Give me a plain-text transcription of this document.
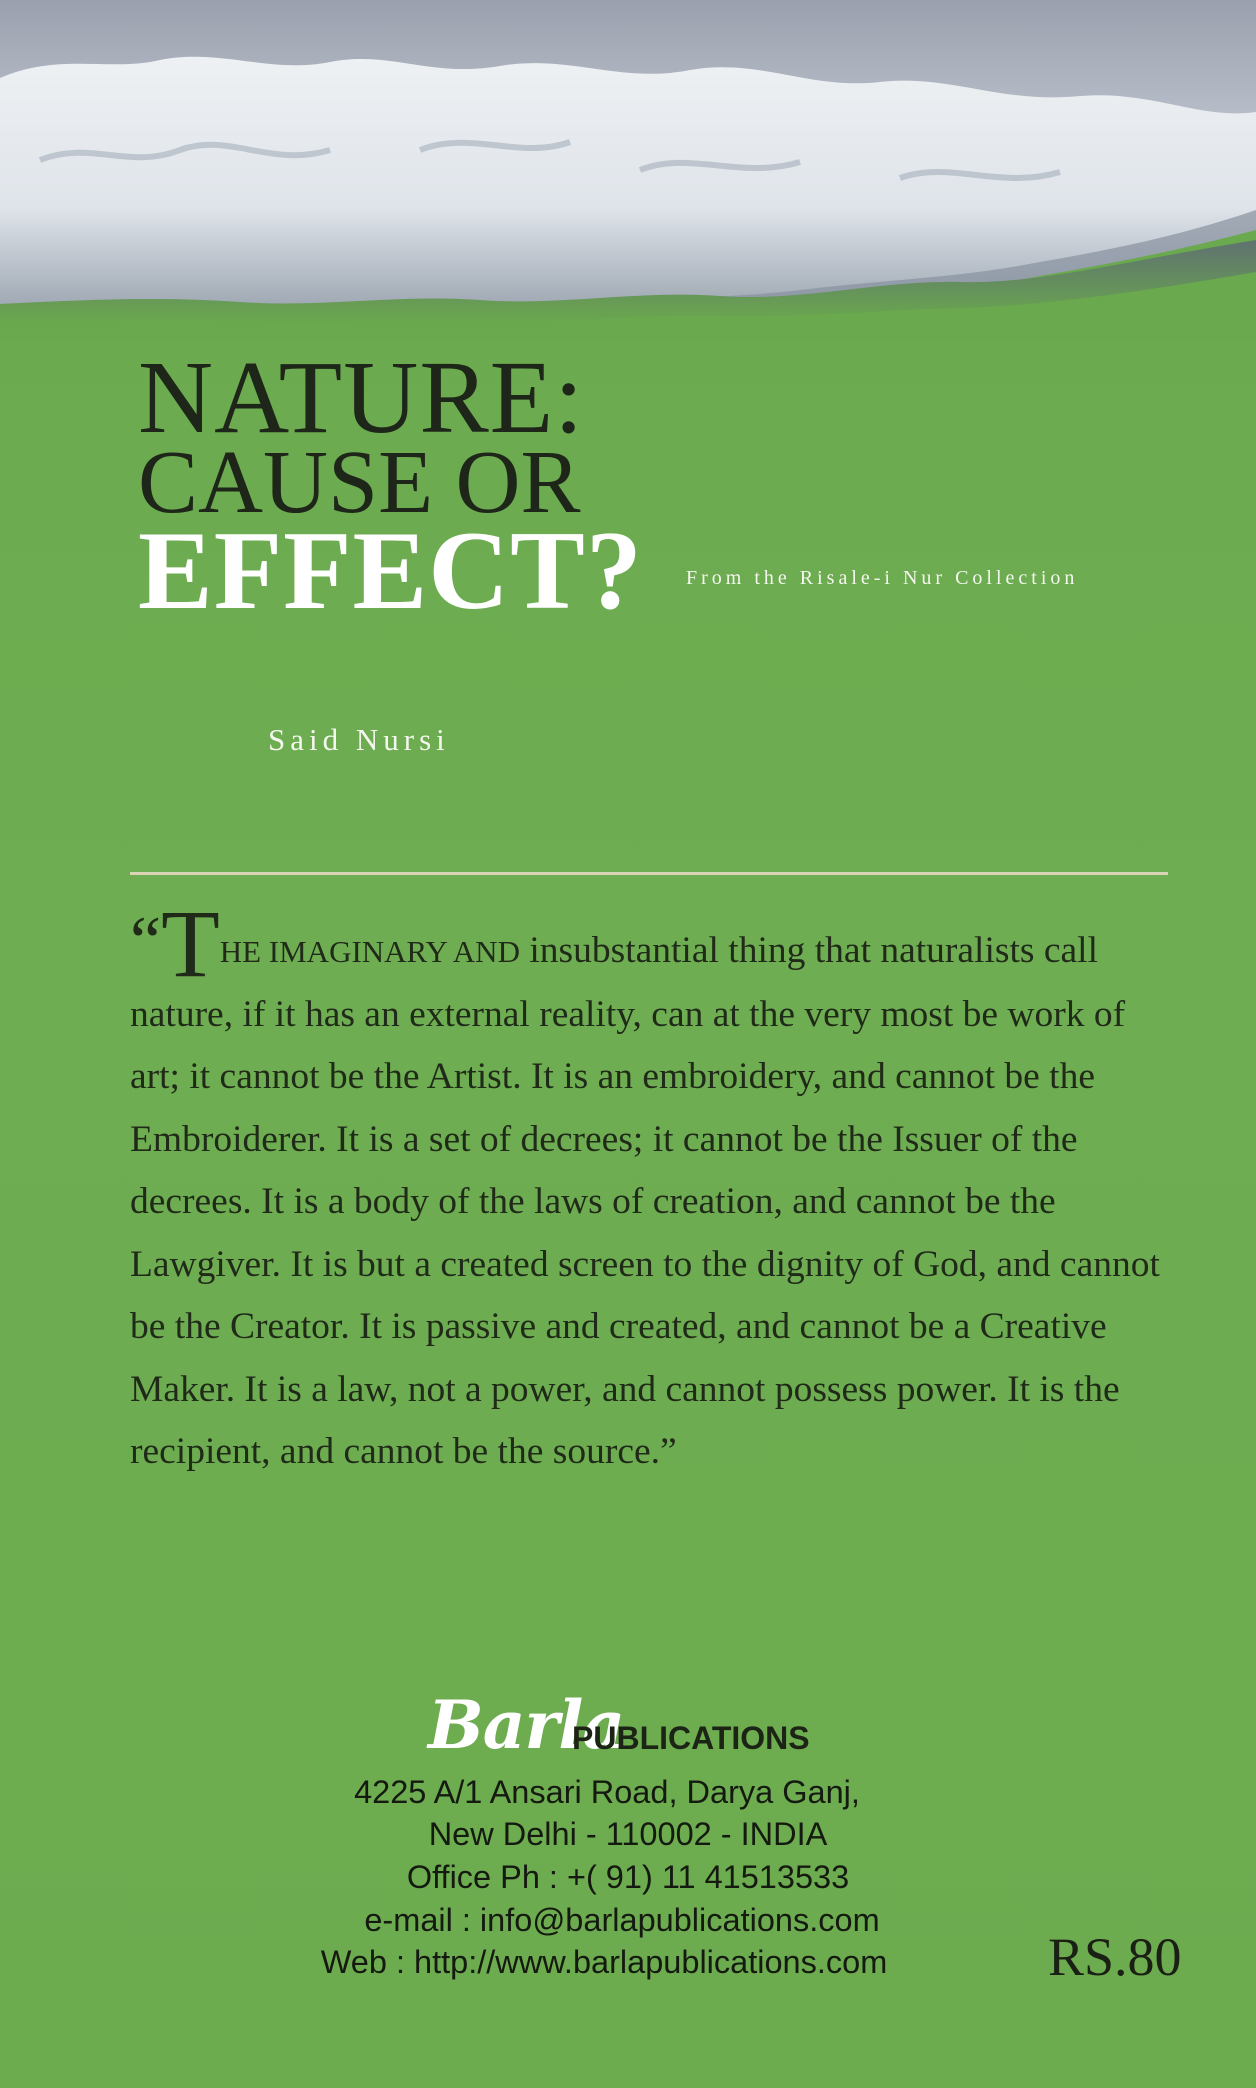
NATURE:
CAUSE OR
EFFECT? From the Risale-i Nur Collection
Said Nursi
“THE IMAGINARY AND insubstantial thing that naturalists call nature, if it has an external reality, can at the very most be work of art; it cannot be the Artist. It is an embroidery, and cannot be the Embroiderer. It is a set of decrees; it cannot be the Issuer of the decrees. It is a body of the laws of creation, and cannot be the Lawgiver. It is but a created screen to the dignity of God, and cannot be the Creator. It is passive and created, and cannot be a Creative Maker. It is a law, not a power, and cannot possess power. It is the recipient, and cannot be the source.”
Barla
PUBLICATIONS
4225 A/1 Ansari Road, Darya Ganj,
New Delhi - 110002 - INDIA
Office Ph : +( 91) 11 41513533
e-mail : info@barlapublications.com
Web : http://www.barlapublications.com	RS.80
